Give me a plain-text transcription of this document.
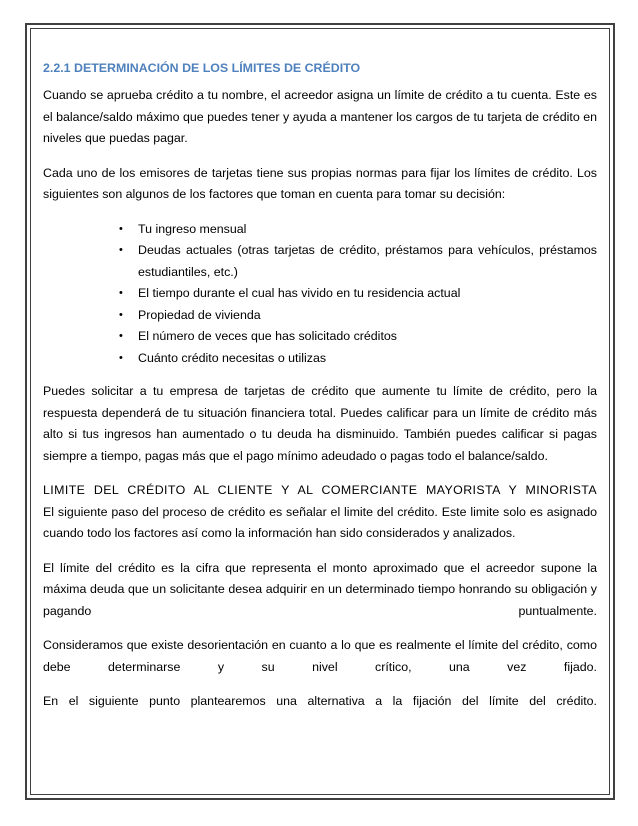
2.2.1 DETERMINACIÓN DE LOS LÍMITES DE CRÉDITO

Cuando se aprueba crédito a tu nombre, el acreedor asigna un límite de crédito a tu cuenta. Este es el balance/saldo máximo que puedes tener y ayuda a mantener los cargos de tu tarjeta de crédito en niveles que puedas pagar.

Cada uno de los emisores de tarjetas tiene sus propias normas para fijar los límites de crédito. Los siguientes son algunos de los factores que toman en cuenta para tomar su decisión:

• Tu ingreso mensual
• Deudas actuales (otras tarjetas de crédito, préstamos para vehículos, préstamos estudiantiles, etc.)
• El tiempo durante el cual has vivido en tu residencia actual
• Propiedad de vivienda
• El número de veces que has solicitado créditos
• Cuánto crédito necesitas o utilizas

Puedes solicitar a tu empresa de tarjetas de crédito que aumente tu límite de crédito, pero la respuesta dependerá de tu situación financiera total. Puedes calificar para un límite de crédito más alto si tus ingresos han aumentado o tu deuda ha disminuido. También puedes calificar si pagas siempre a tiempo, pagas más que el pago mínimo adeudado o pagas todo el balance/saldo.

LIMITE DEL CRÉDITO AL CLIENTE Y AL COMERCIANTE MAYORISTA Y MINORISTA

El siguiente paso del proceso de crédito es señalar el limite del crédito. Este limite solo es asignado cuando todo los factores así como la información han sido considerados y analizados.

El límite del crédito es la cifra que representa el monto aproximado que el acreedor supone la máxima deuda que un solicitante desea adquirir en un determinado tiempo honrando su obligación y pagando puntualmente.

Consideramos que existe desorientación en cuanto a lo que es realmente el límite del crédito, como debe determinarse y su nivel crítico, una vez fijado.

En el siguiente punto plantearemos una alternativa a la fijación del límite del crédito.
